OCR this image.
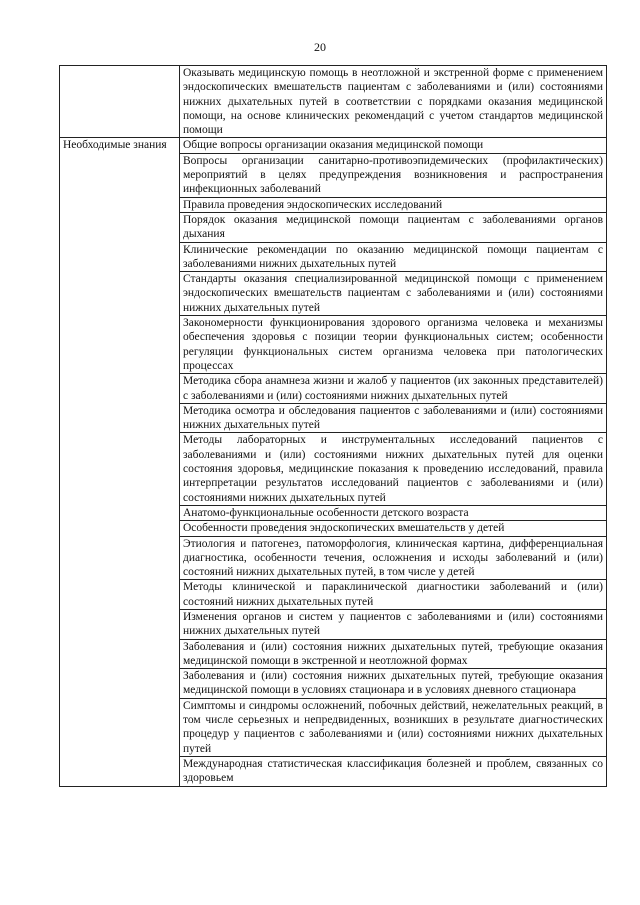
20
	Оказывать медицинскую помощь в неотложной и экстренной форме с применением эндоскопических вмешательств пациентам с заболеваниями и (или) состояниями нижних дыхательных путей в соответствии с порядками оказания медицинской помощи, на основе клинических рекомендаций с учетом стандартов медицинской помощи
Необходимые знания	Общие вопросы организации оказания медицинской помощи
	Вопросы организации санитарно-противоэпидемических (профилактических) мероприятий в целях предупреждения возникновения и распространения инфекционных заболеваний
	Правила проведения эндоскопических исследований
	Порядок оказания медицинской помощи пациентам с заболеваниями органов дыхания
	Клинические рекомендации по оказанию медицинской помощи пациентам с заболеваниями нижних дыхательных путей
	Стандарты оказания специализированной медицинской помощи с применением эндоскопических вмешательств пациентам с заболеваниями и (или) состояниями нижних дыхательных путей
	Закономерности функционирования здорового организма человека и механизмы обеспечения здоровья с позиции теории функциональных систем; особенности регуляции функциональных систем организма человека при патологических процессах
	Методика сбора анамнеза жизни и жалоб у пациентов (их законных представителей) с заболеваниями и (или) состояниями нижних дыхательных путей
	Методика осмотра и обследования пациентов с заболеваниями и (или) состояниями нижних дыхательных путей
	Методы лабораторных и инструментальных исследований пациентов с заболеваниями и (или) состояниями нижних дыхательных путей для оценки состояния здоровья, медицинские показания к проведению исследований, правила интерпретации результатов исследований пациентов с заболеваниями и (или) состояниями нижних дыхательных путей
	Анатомо-функциональные особенности детского возраста
	Особенности проведения эндоскопических вмешательств у детей
	Этиология и патогенез, патоморфология, клиническая картина, дифференциальная диагностика, особенности течения, осложнения и исходы заболеваний и (или) состояний нижних дыхательных путей, в том числе у детей
	Методы клинической и параклинической диагностики заболеваний и (или) состояний нижних дыхательных путей
	Изменения органов и систем у пациентов с заболеваниями и (или) состояниями нижних дыхательных путей
	Заболевания и (или) состояния нижних дыхательных путей, требующие оказания медицинской помощи в экстренной и неотложной формах
	Заболевания и (или) состояния нижних дыхательных путей, требующие оказания медицинской помощи в условиях стационара и в условиях дневного стационара
	Симптомы и синдромы осложнений, побочных действий, нежелательных реакций, в том числе серьезных и непредвиденных, возникших в результате диагностических процедур у пациентов с заболеваниями и (или) состояниями нижних дыхательных путей
	Международная статистическая классификация болезней и проблем, связанных со здоровьем
